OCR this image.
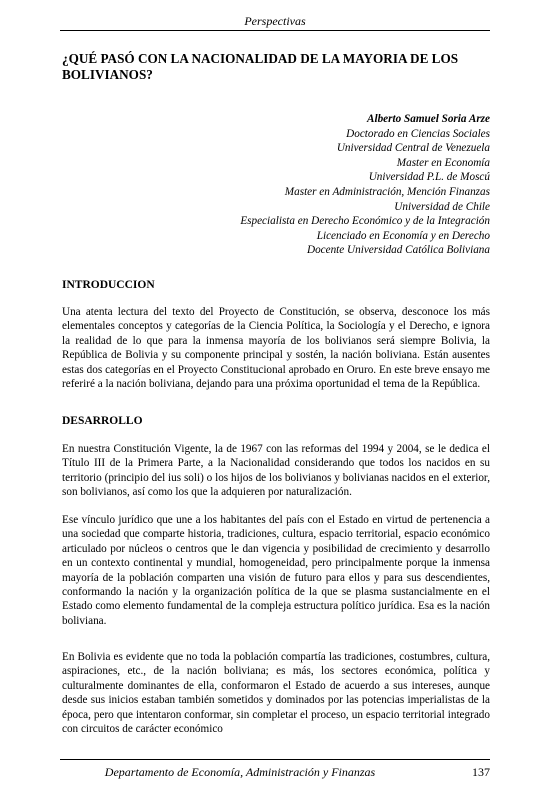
Perspectivas
¿QUÉ PASÓ CON LA NACIONALIDAD DE LA MAYORIA DE LOS BOLIVIANOS?
Alberto Samuel Soria Arze
Doctorado en Ciencias Sociales
Universidad Central de Venezuela
Master en Economía
Universidad P.L. de Moscú
Master en Administración, Mención Finanzas
Universidad de Chile
Especialista en Derecho Económico y de la Integración
Licenciado en Economía y en Derecho
Docente Universidad Católica Boliviana
INTRODUCCION

Una atenta lectura del texto del Proyecto de Constitución, se observa, desconoce los más elementales conceptos y categorías de la Ciencia Política, la Sociología y el Derecho, e ignora la realidad de lo que para la inmensa mayoría de los bolivianos será siempre Bolivia, la República de Bolivia y su componente principal y sostén, la nación boliviana. Están ausentes estas dos categorías en el Proyecto Constitucional aprobado en Oruro. En este breve ensayo me referiré a la nación boliviana, dejando para una próxima oportunidad el tema de la República.

DESARROLLO

En nuestra Constitución Vigente, la de 1967 con las reformas del 1994 y 2004, se le dedica el Título III de la Primera Parte, a la Nacionalidad considerando que todos los nacidos en su territorio (principio del ius soli) o los hijos de los bolivianos y bolivianas nacidos en el exterior, son bolivianos, así como los que la adquieren por naturalización.

Ese vínculo jurídico que une a los habitantes del país con el Estado en virtud de pertenencia a una sociedad que comparte historia, tradiciones, cultura, espacio territorial, espacio económico articulado por núcleos o centros que le dan vigencia y posibilidad de crecimiento y desarrollo en un contexto continental y mundial, homogeneidad, pero principalmente porque la inmensa mayoría de la población comparten una visión de futuro para ellos y para sus descendientes, conformando la nación y la organización política de la que se plasma sustancialmente en el Estado como elemento fundamental de la compleja estructura político jurídica. Esa es la nación boliviana.

En Bolivia es evidente que no toda la población compartía las tradiciones, costumbres, cultura, aspiraciones, etc., de la nación boliviana; es más, los sectores económica, política y culturalmente dominantes de ella, conformaron el Estado de acuerdo a sus intereses, aunque desde sus inicios estaban también sometidos y dominados por las potencias imperialistas de la época, pero que intentaron conformar, sin completar el proceso, un espacio territorial integrado con circuitos de carácter económico

Departamento de Economía, Administración y Finanzas	137
